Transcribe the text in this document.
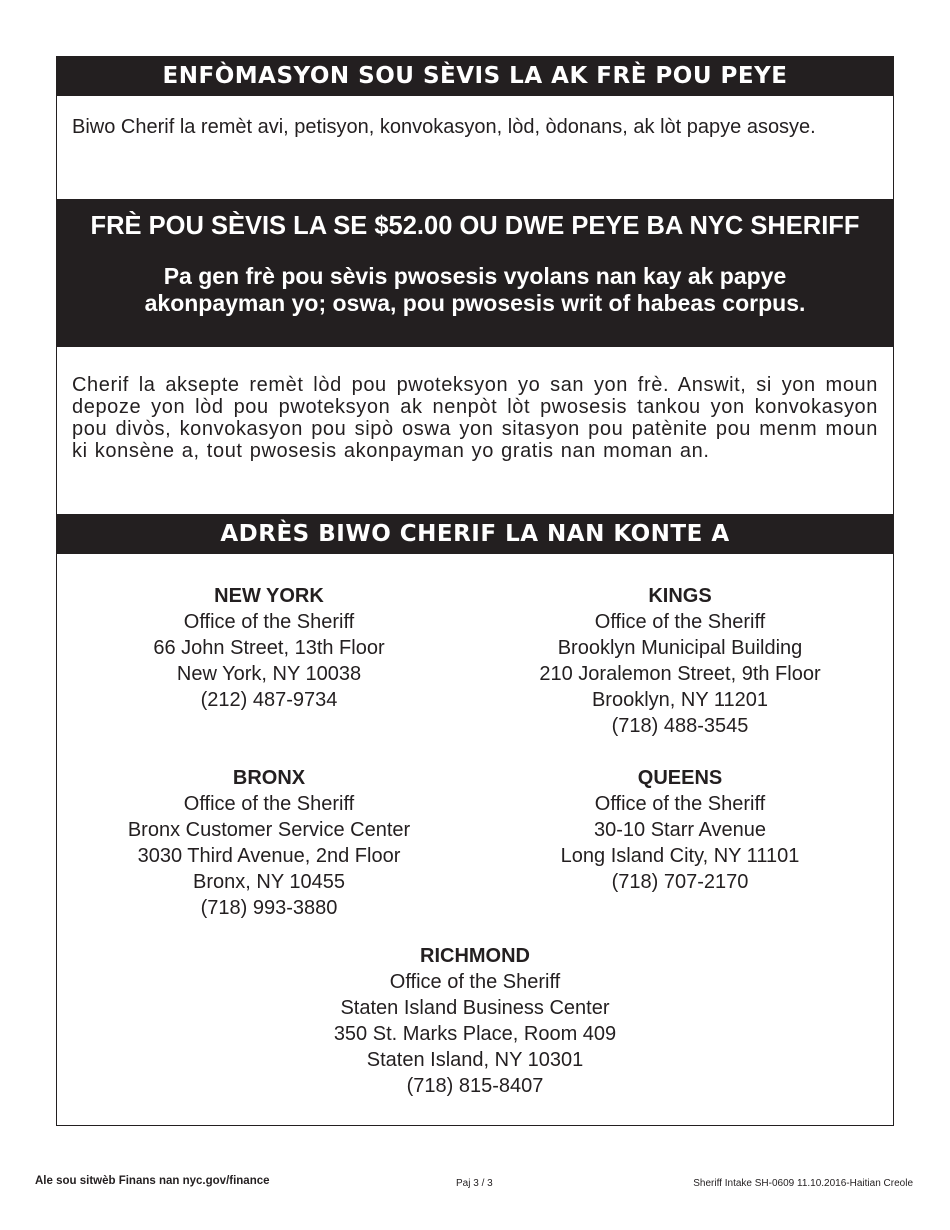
ENFÒMASYON SOU SÈVIS LA AK FRÈ POU PEYE
Biwo Cherif la remèt avi, petisyon, konvokasyon, lòd, òdonans, ak lòt papye asosye.
FRÈ POU SÈVIS LA SE $52.00 OU DWE PEYE BA NYC SHERIFF
Pa gen frè pou sèvis pwosesis vyolans nan kay ak papye
akonpayman yo; oswa, pou pwosesis writ of habeas corpus.
Cherif la aksepte remèt lòd pou pwoteksyon yo san yon frè. Answit, si yon moun depoze yon lòd pou pwoteksyon ak nenpòt lòt pwosesis tankou yon konvokasyon pou divòs, konvokasyon pou sipò oswa yon sitasyon pou patènite pou menm moun ki konsène a, tout pwosesis akonpayman yo gratis nan moman an.
ADRÈS BIWO CHERIF LA NAN KONTE A
NEW YORK
Office of the Sheriff
66 John Street, 13th Floor
New York, NY 10038
(212) 487-9734
KINGS
Office of the Sheriff
Brooklyn Municipal Building
210 Joralemon Street, 9th Floor
Brooklyn, NY 11201
(718) 488-3545
BRONX
Office of the Sheriff
Bronx Customer Service Center
3030 Third Avenue, 2nd Floor
Bronx, NY 10455
(718) 993-3880
QUEENS
Office of the Sheriff
30-10 Starr Avenue
Long Island City, NY 11101
(718) 707-2170
RICHMOND
Office of the Sheriff
Staten Island Business Center
350 St. Marks Place, Room 409
Staten Island, NY 10301
(718) 815-8407
Ale sou sitwèb Finans nan nyc.gov/finance	Paj 3 / 3	Sheriff Intake SH-0609 11.10.2016-Haitian Creole
